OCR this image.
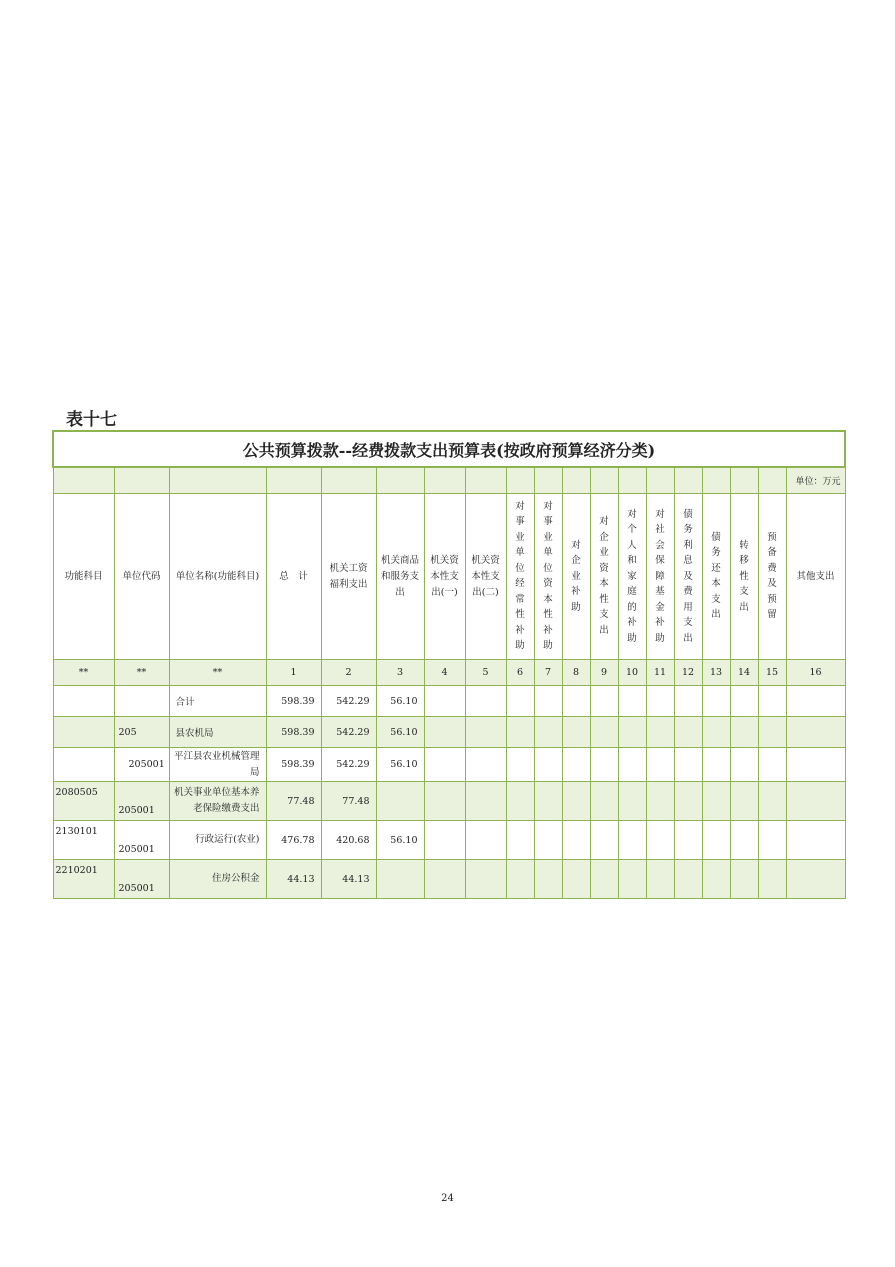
表十七
公共预算拨款--经费拨款支出预算表(按政府预算经济分类)																		
																		单位：万元
功能科目	单位代码	单位名称(功能科目)	总　计	机关工资福利支出	机关商品和服务支出	机关资本性支出(一)	机关资本性支出(二)	对事业单位经常性补助	对事业单位资本性补助	对企业补助	对企业资本性支出	对个人和家庭的补助	对社会保障基金补助	债务利息及费用支出	债务还本支出	转移性支出	预备费及预留	其他支出
**	**	**	1	2	3	4	5	6	7	8	9	10	11	12	13	14	15	16
		合计	598.39	542.29	56.10													
	205	县农机局	598.39	542.29	56.10													
	205001	平江县农业机械管理局	598.39	542.29	56.10													
2080505	205001	机关事业单位基本养老保险缴费支出	77.48	77.48														
2130101	205001	行政运行(农业)	476.78	420.68	56.10													
2210201	205001	住房公积金	44.13	44.13														
24
